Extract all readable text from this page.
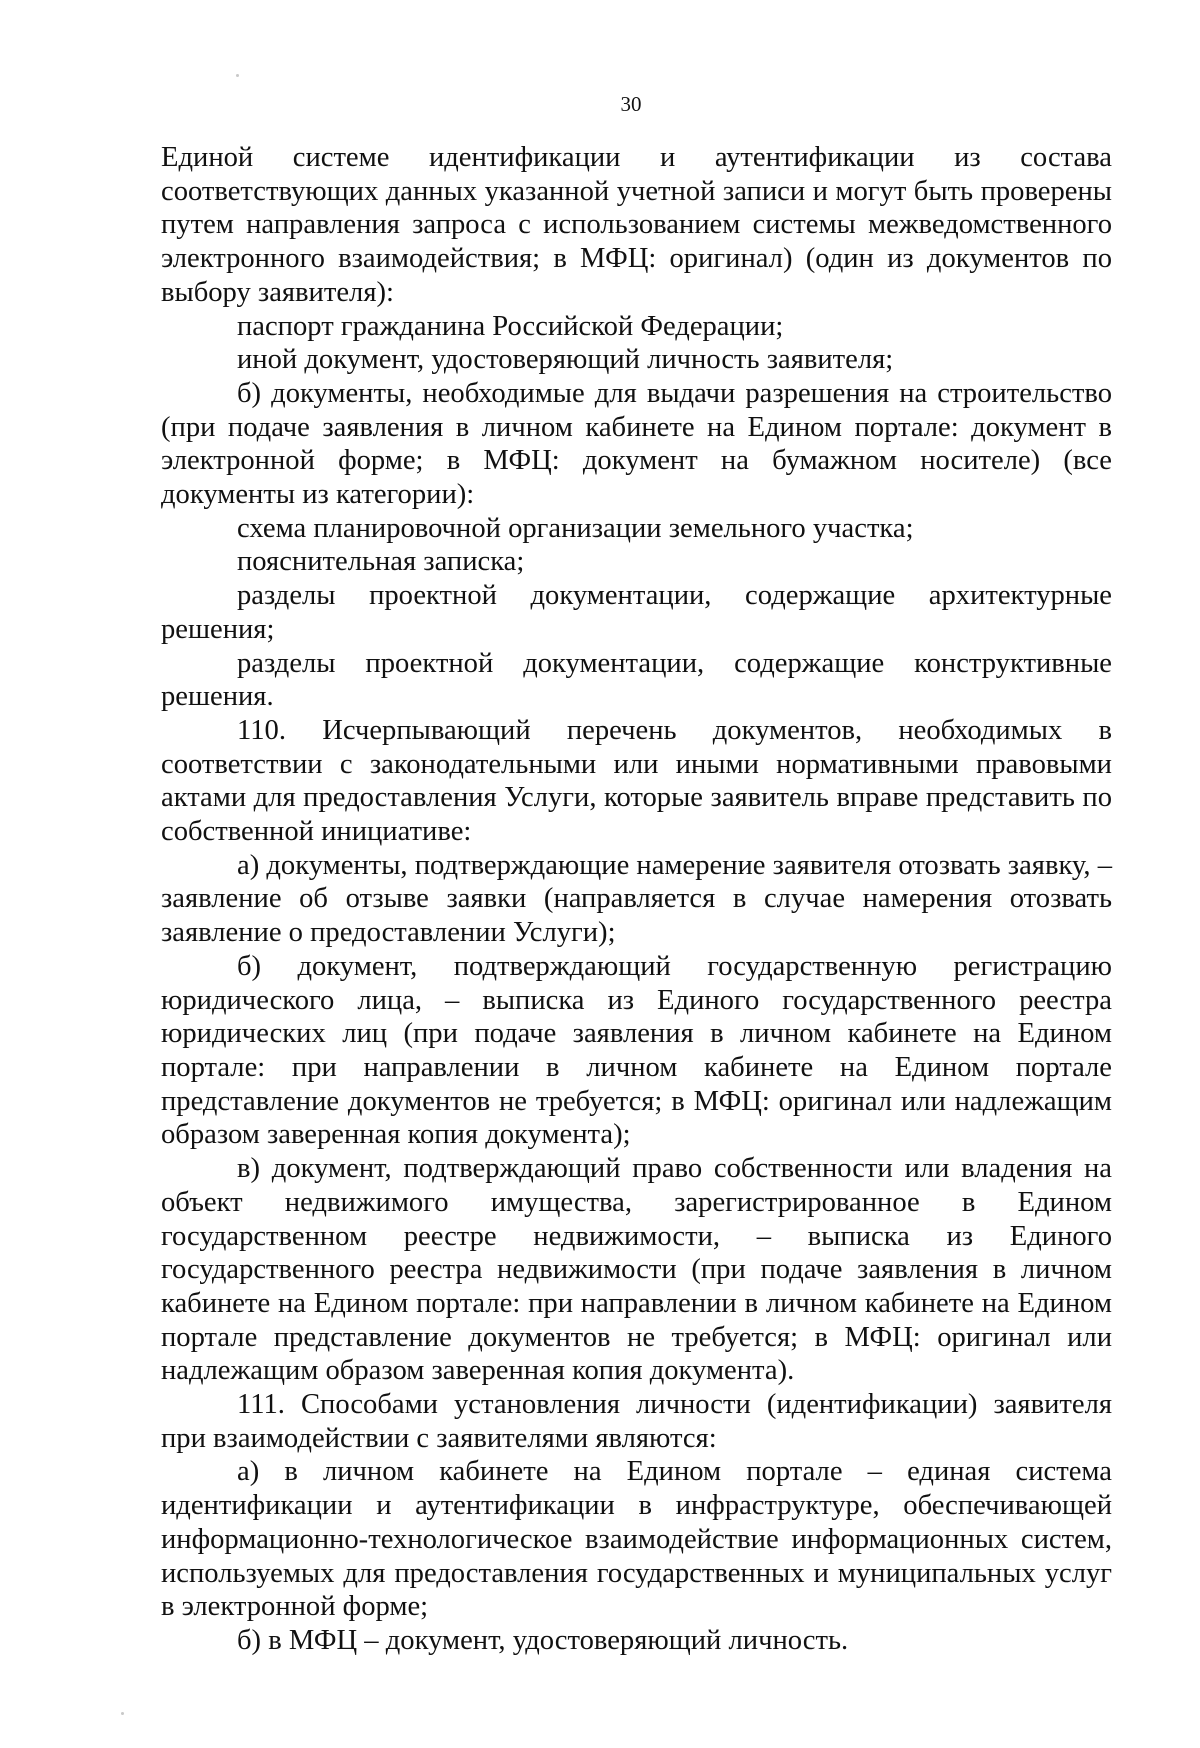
30

Единой системе идентификации и аутентификации из состава соответствующих данных указанной учетной записи и могут быть проверены путем направления запроса с использованием системы межведомственного электронного взаимодействия; в МФЦ: оригинал) (один из документов по выбору заявителя):

паспорт гражданина Российской Федерации;

иной документ, удостоверяющий личность заявителя;

б) документы, необходимые для выдачи разрешения на строительство (при подаче заявления в личном кабинете на Едином портале: документ в электронной форме; в МФЦ: документ на бумажном носителе) (все документы из категории):

схема планировочной организации земельного участка;

пояснительная записка;

разделы проектной документации, содержащие архитектурные решения;

разделы проектной документации, содержащие конструктивные решения.

110. Исчерпывающий перечень документов, необходимых в соответствии с законодательными или иными нормативными правовыми актами для предоставления Услуги, которые заявитель вправе представить по собственной инициативе:

а) документы, подтверждающие намерение заявителя отозвать заявку, – заявление об отзыве заявки (направляется в случае намерения отозвать заявление о предоставлении Услуги);

б) документ, подтверждающий государственную регистрацию юридического лица, – выписка из Единого государственного реестра юридических лиц (при подаче заявления в личном кабинете на Едином портале: при направлении в личном кабинете на Едином портале представление документов не требуется; в МФЦ: оригинал или надлежащим образом заверенная копия документа);

в) документ, подтверждающий право собственности или владения на объект недвижимого имущества, зарегистрированное в Едином государственном реестре недвижимости, – выписка из Единого государственного реестра недвижимости (при подаче заявления в личном кабинете на Едином портале: при направлении в личном кабинете на Едином портале представление документов не требуется; в МФЦ: оригинал или надлежащим образом заверенная копия документа).

111. Способами установления личности (идентификации) заявителя при взаимодействии с заявителями являются:

а) в личном кабинете на Едином портале – единая система идентификации и аутентификации в инфраструктуре, обеспечивающей информационно-технологическое взаимодействие информационных систем, используемых для предоставления государственных и муниципальных услуг в электронной форме;

б) в МФЦ – документ, удостоверяющий личность.
